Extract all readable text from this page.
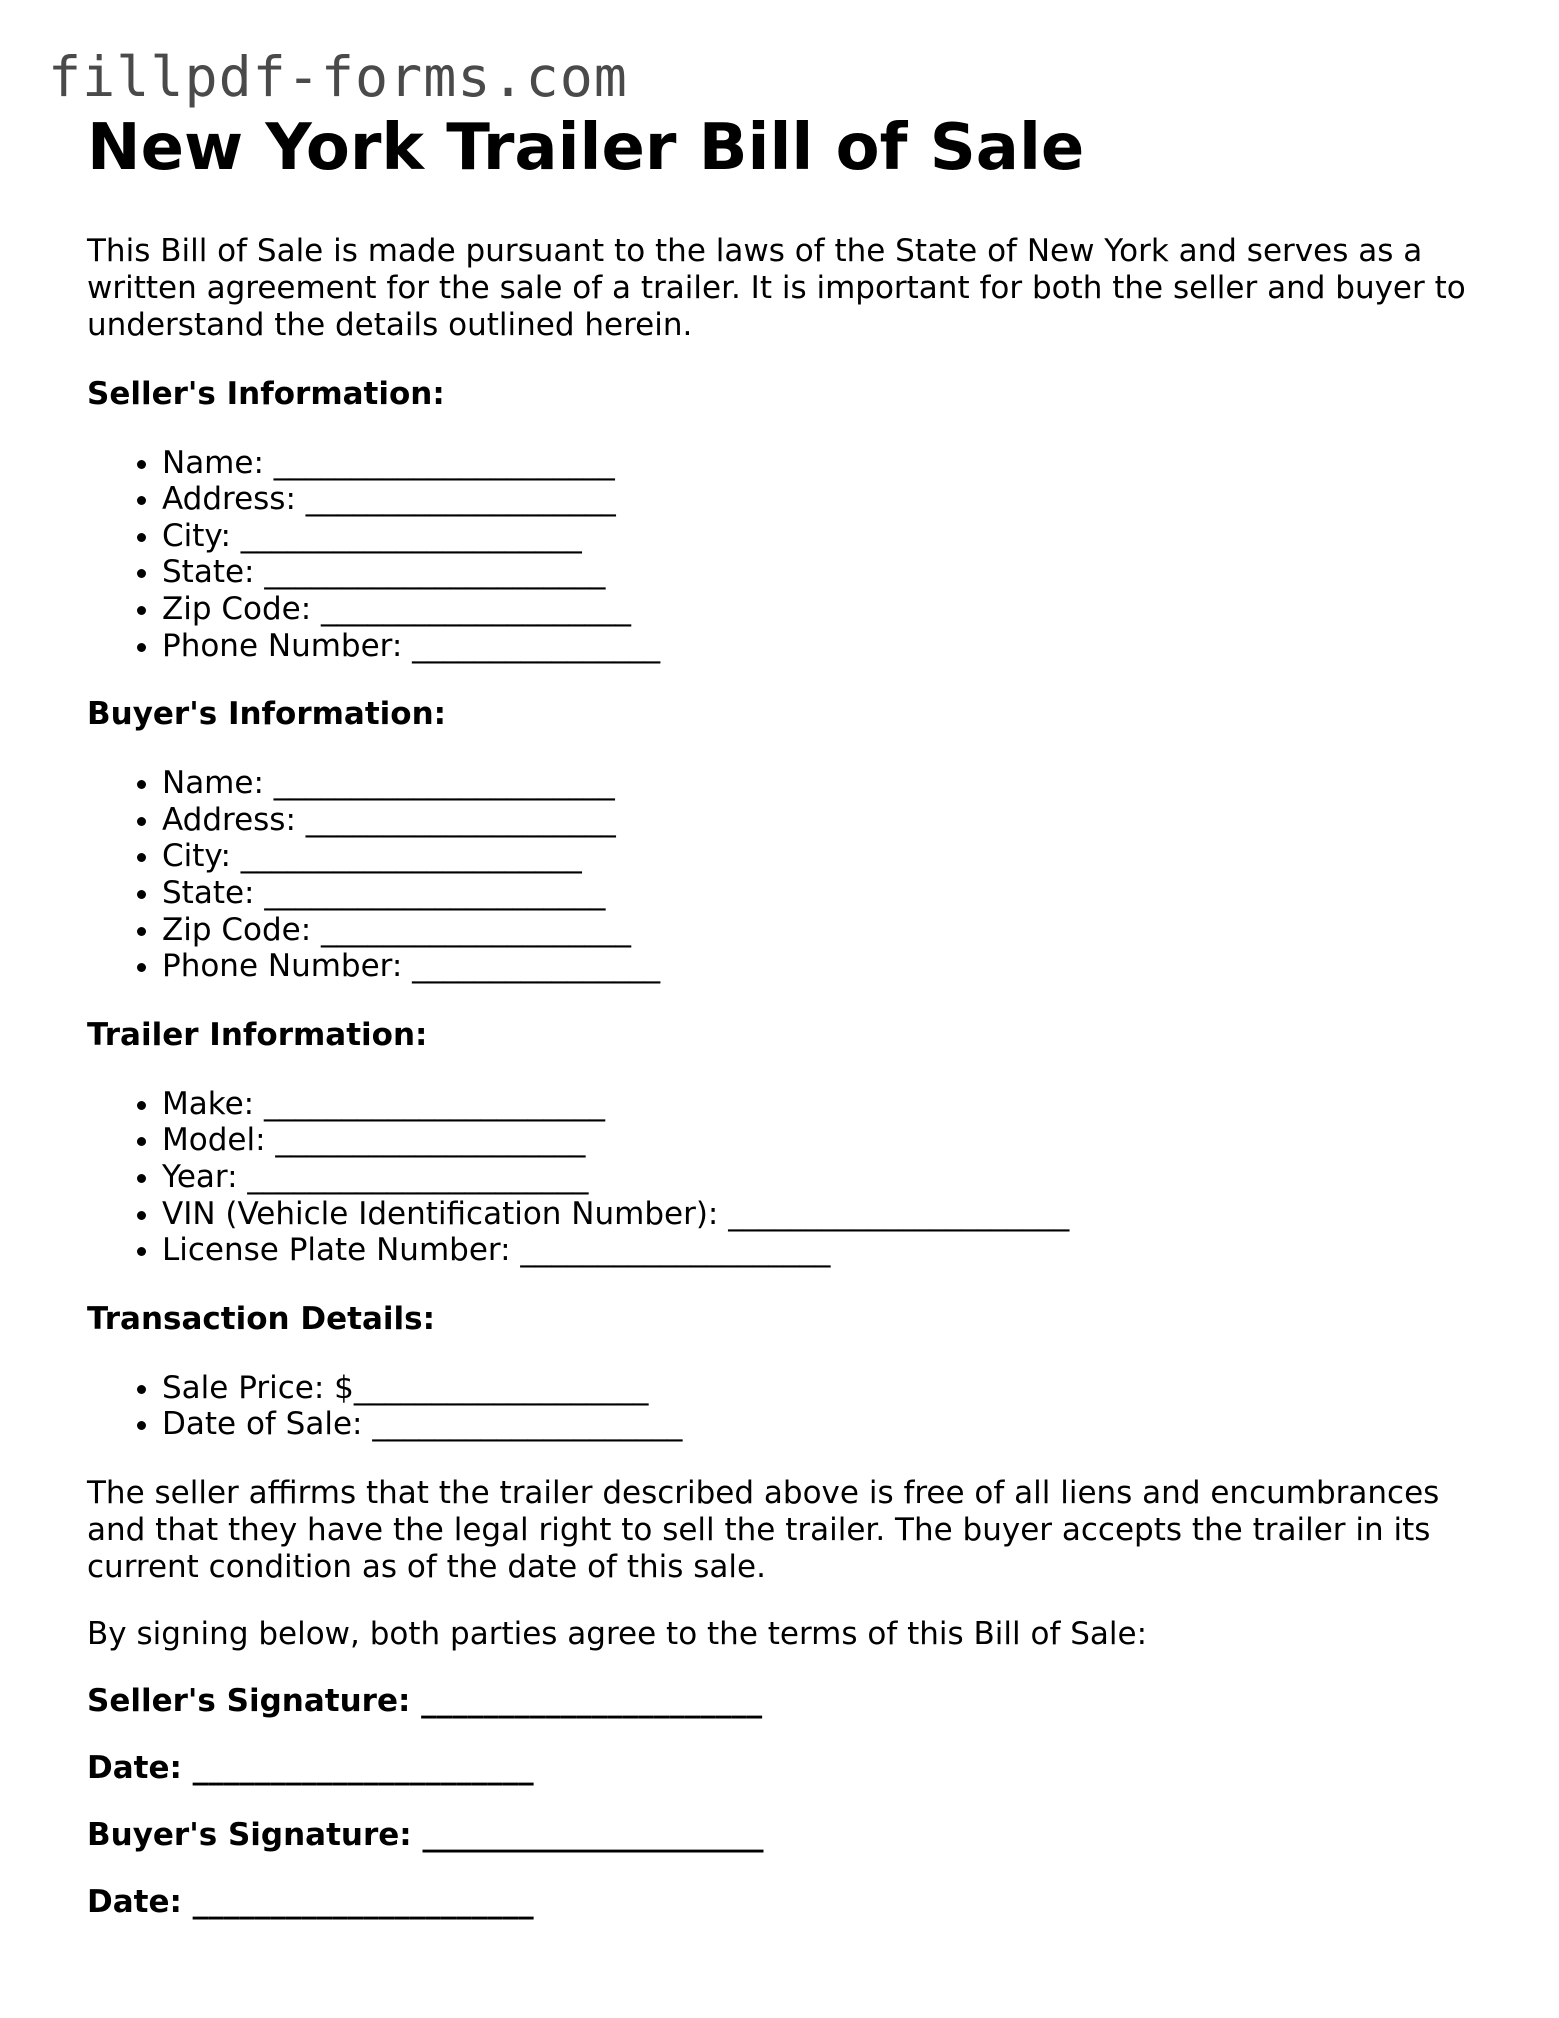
fillpdf-forms.com
New York Trailer Bill of Sale

This Bill of Sale is made pursuant to the laws of the State of New York and serves as a written agreement for the sale of a trailer. It is important for both the seller and buyer to understand the details outlined herein.

Seller's Information:
• Name: ______________________
• Address: ____________________
• City: ______________________
• State: ______________________
• Zip Code: ____________________
• Phone Number: ________________
Buyer's Information:
• Name: ______________________
• Address: ____________________
• City: ______________________
• State: ______________________
• Zip Code: ____________________
• Phone Number: ________________
Trailer Information:
• Make: ______________________
• Model: ____________________
• Year: ______________________
• VIN (Vehicle Identification Number): ______________________
• License Plate Number: ____________________
Transaction Details:
• Sale Price: $___________________
• Date of Sale: ____________________

The seller affirms that the trailer described above is free of all liens and encumbrances and that they have the legal right to sell the trailer. The buyer accepts the trailer in its current condition as of the date of this sale.

By signing below, both parties agree to the terms of this Bill of Sale:

Seller's Signature: ______________________
Date: ______________________
Buyer's Signature: ______________________
Date: ______________________
